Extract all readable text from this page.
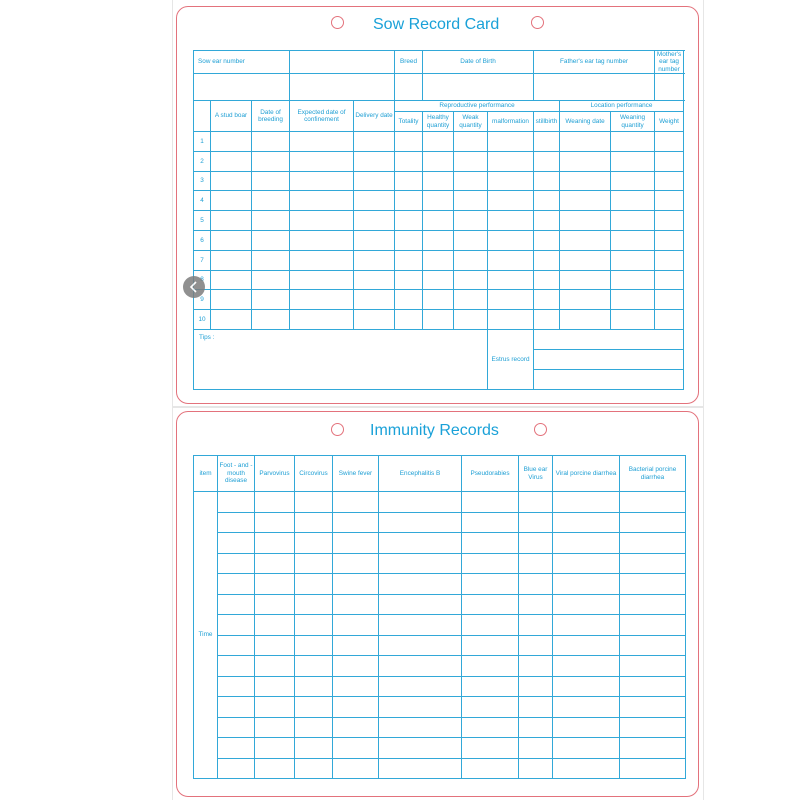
Sow Record Card
Sow ear number					Breed	Date of Birth			Father's ear tag number			Mother's ear tag number	

	A stud boar	Date of breeding	Expected date of confinement	Delivery date	Reproductive performance					Location performance			
					Totality	Healthy quantity	Weak quantity	malformation	stillbirth	Weaning date	Weaning quantity	Weight	
1													
2													
3													
4													
5													
6													
7													

9													
10													
Tips :								Estrus record					

Immunity Records
item	Foot - and - mouth disease	Parvovirus	Circovirus	Swine fever	Encephalitis B	Pseudorabies	Blue ear Virus	Viral porcine diarrhea	Bacterial porcine diarrhea
Time									
